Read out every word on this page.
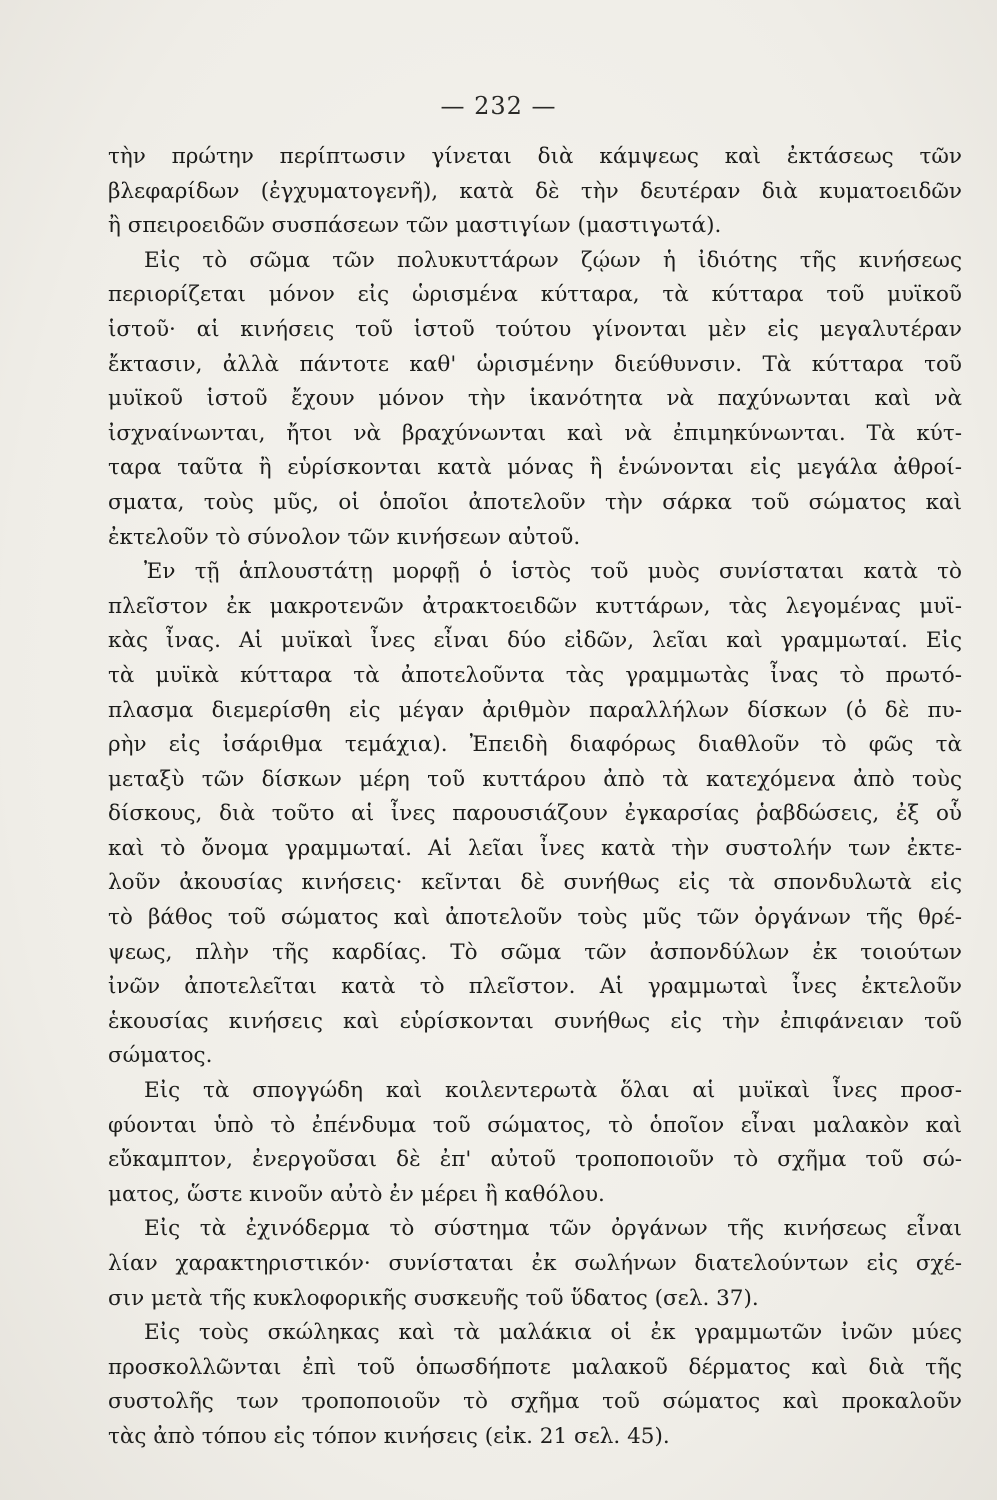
— 232 —
τὴν πρώτην περίπτωσιν γίνεται διὰ κάμψεως καὶ ἐκτάσεως τῶν
βλεφαρίδων (ἐγχυματογενῆ), κατὰ δὲ τὴν δευτέραν διὰ κυματοειδῶν
ἢ σπειροειδῶν συσπάσεων τῶν μαστιγίων (μαστιγωτά).
Εἰς τὸ σῶμα τῶν πολυκυττάρων ζῴων ἡ ἰδιότης τῆς κινήσεως
περιορίζεται μόνον εἰς ὡρισμένα κύτταρα, τὰ κύτταρα τοῦ μυϊκοῦ
ἱστοῦ· αἱ κινήσεις τοῦ ἱστοῦ τούτου γίνονται μὲν εἰς μεγαλυτέραν
ἔκτασιν, ἀλλὰ πάντοτε καθ' ὡρισμένην διεύθυνσιν. Τὰ κύτταρα τοῦ
μυϊκοῦ ἱστοῦ ἔχουν μόνον τὴν ἱκανότητα νὰ παχύνωνται καὶ νὰ
ἰσχναίνωνται, ἤτοι νὰ βραχύνωνται καὶ νὰ ἐπιμηκύνωνται. Τὰ κύτ-
ταρα ταῦτα ἢ εὑρίσκονται κατὰ μόνας ἢ ἑνώνονται εἰς μεγάλα ἀθροί-
σματα, τοὺς μῦς, οἱ ὁποῖοι ἀποτελοῦν τὴν σάρκα τοῦ σώματος καὶ
ἐκτελοῦν τὸ σύνολον τῶν κινήσεων αὐτοῦ.
Ἐν τῇ ἁπλουστάτῃ μορφῇ ὁ ἱστὸς τοῦ μυὸς συνίσταται κατὰ τὸ
πλεῖστον ἐκ μακροτενῶν ἀτρακτοειδῶν κυττάρων, τὰς λεγομένας μυϊ-
κὰς ἶνας. Αἱ μυϊκαὶ ἶνες εἶναι δύο εἰδῶν, λεῖαι καὶ γραμμωταί. Εἰς
τὰ μυϊκὰ κύτταρα τὰ ἀποτελοῦντα τὰς γραμμωτὰς ἶνας τὸ πρωτό-
πλασμα διεμερίσθη εἰς μέγαν ἀριθμὸν παραλλήλων δίσκων (ὁ δὲ πυ-
ρὴν εἰς ἰσάριθμα τεμάχια). Ἐπειδὴ διαφόρως διαθλοῦν τὸ φῶς τὰ
μεταξὺ τῶν δίσκων μέρη τοῦ κυττάρου ἀπὸ τὰ κατεχόμενα ἀπὸ τοὺς
δίσκους, διὰ τοῦτο αἱ ἶνες παρουσιάζουν ἐγκαρσίας ῥαβδώσεις, ἐξ οὗ
καὶ τὸ ὄνομα γραμμωταί. Αἱ λεῖαι ἶνες κατὰ τὴν συστολήν των ἐκτε-
λοῦν ἀκουσίας κινήσεις· κεῖνται δὲ συνήθως εἰς τὰ σπονδυλωτὰ εἰς
τὸ βάθος τοῦ σώματος καὶ ἀποτελοῦν τοὺς μῦς τῶν ὀργάνων τῆς θρέ-
ψεως, πλὴν τῆς καρδίας. Τὸ σῶμα τῶν ἀσπονδύλων ἐκ τοιούτων
ἰνῶν ἀποτελεῖται κατὰ τὸ πλεῖστον. Αἱ γραμμωταὶ ἶνες ἐκτελοῦν
ἑκουσίας κινήσεις καὶ εὑρίσκονται συνήθως εἰς τὴν ἐπιφάνειαν τοῦ
σώματος.
Εἰς τὰ σπογγώδη καὶ κοιλεντερωτὰ ὅλαι αἱ μυϊκαὶ ἶνες προσ-
φύονται ὑπὸ τὸ ἐπένδυμα τοῦ σώματος, τὸ ὁποῖον εἶναι μαλακὸν καὶ
εὔκαμπτον, ἐνεργοῦσαι δὲ ἐπ' αὐτοῦ τροποποιοῦν τὸ σχῆμα τοῦ σώ-
ματος, ὥστε κινοῦν αὐτὸ ἐν μέρει ἢ καθόλου.
Εἰς τὰ ἐχινόδερμα τὸ σύστημα τῶν ὀργάνων τῆς κινήσεως εἶναι
λίαν χαρακτηριστικόν· συνίσταται ἐκ σωλήνων διατελούντων εἰς σχέ-
σιν μετὰ τῆς κυκλοφορικῆς συσκευῆς τοῦ ὕδατος (σελ. 37).
Εἰς τοὺς σκώληκας καὶ τὰ μαλάκια οἱ ἐκ γραμμωτῶν ἰνῶν μύες
προσκολλῶνται ἐπὶ τοῦ ὁπωσδήποτε μαλακοῦ δέρματος καὶ διὰ τῆς
συστολῆς των τροποποιοῦν τὸ σχῆμα τοῦ σώματος καὶ προκαλοῦν
τὰς ἀπὸ τόπου εἰς τόπον κινήσεις (εἰκ. 21 σελ. 45).
